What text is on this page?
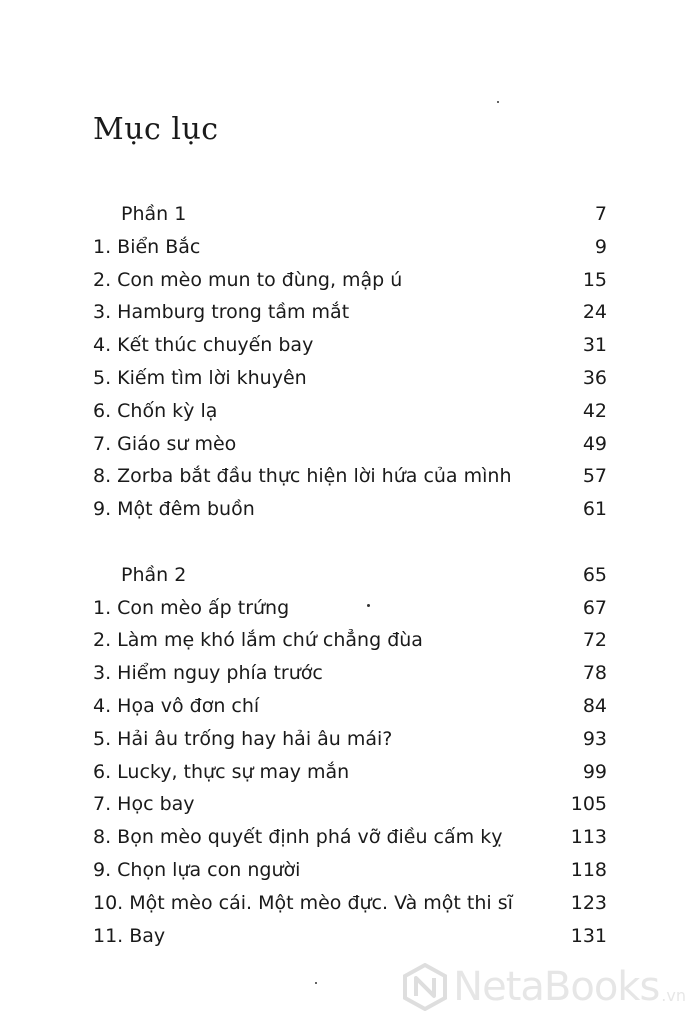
Mục lục
Phần 1	7
1. Biển Bắc	9
2. Con mèo mun to đùng, mập ú	15
3. Hamburg trong tầm mắt	24
4. Kết thúc chuyến bay	31
5. Kiếm tìm lời khuyên	36
6. Chốn kỳ lạ	42
7. Giáo sư mèo	49
8. Zorba bắt đầu thực hiện lời hứa của mình	57
9. Một đêm buồn	61
Phần 2	65
1. Con mèo ấp trứng	67
2. Làm mẹ khó lắm chứ chẳng đùa	72
3. Hiểm nguy phía trước	78
4. Họa vô đơn chí	84
5. Hải âu trống hay hải âu mái?	93
6. Lucky, thực sự may mắn	99
7. Học bay	105
8. Bọn mèo quyết định phá vỡ điều cấm kỵ	113
9. Chọn lựa con người	118
10. Một mèo cái. Một mèo đực. Và một thi sĩ	123
11. Bay	131
NetaBooks .vn
